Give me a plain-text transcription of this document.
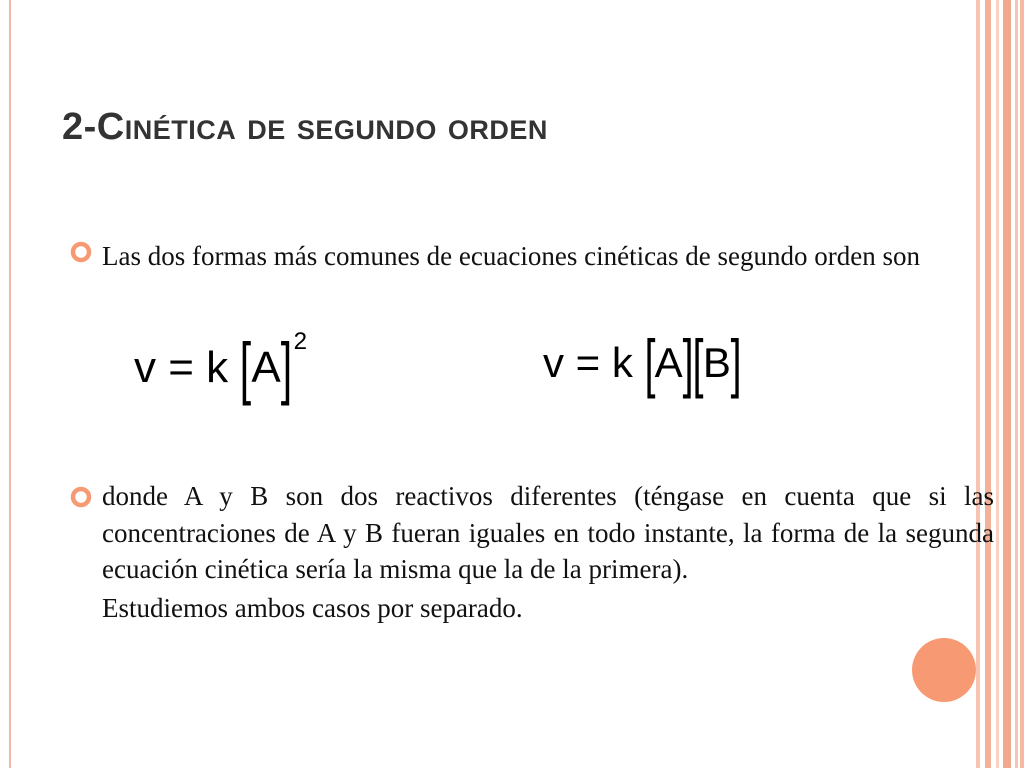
2-Cinética de segundo orden
Las dos formas más comunes de ecuaciones cinéticas de segundo orden son
v = k [A]2	v = k [A][B]
donde A y B son dos reactivos diferentes (téngase en cuenta que si las concentraciones de A y B fueran iguales en todo instante, la forma de la segunda ecuación cinética sería la misma que la de la primera).
Estudiemos ambos casos por separado.
